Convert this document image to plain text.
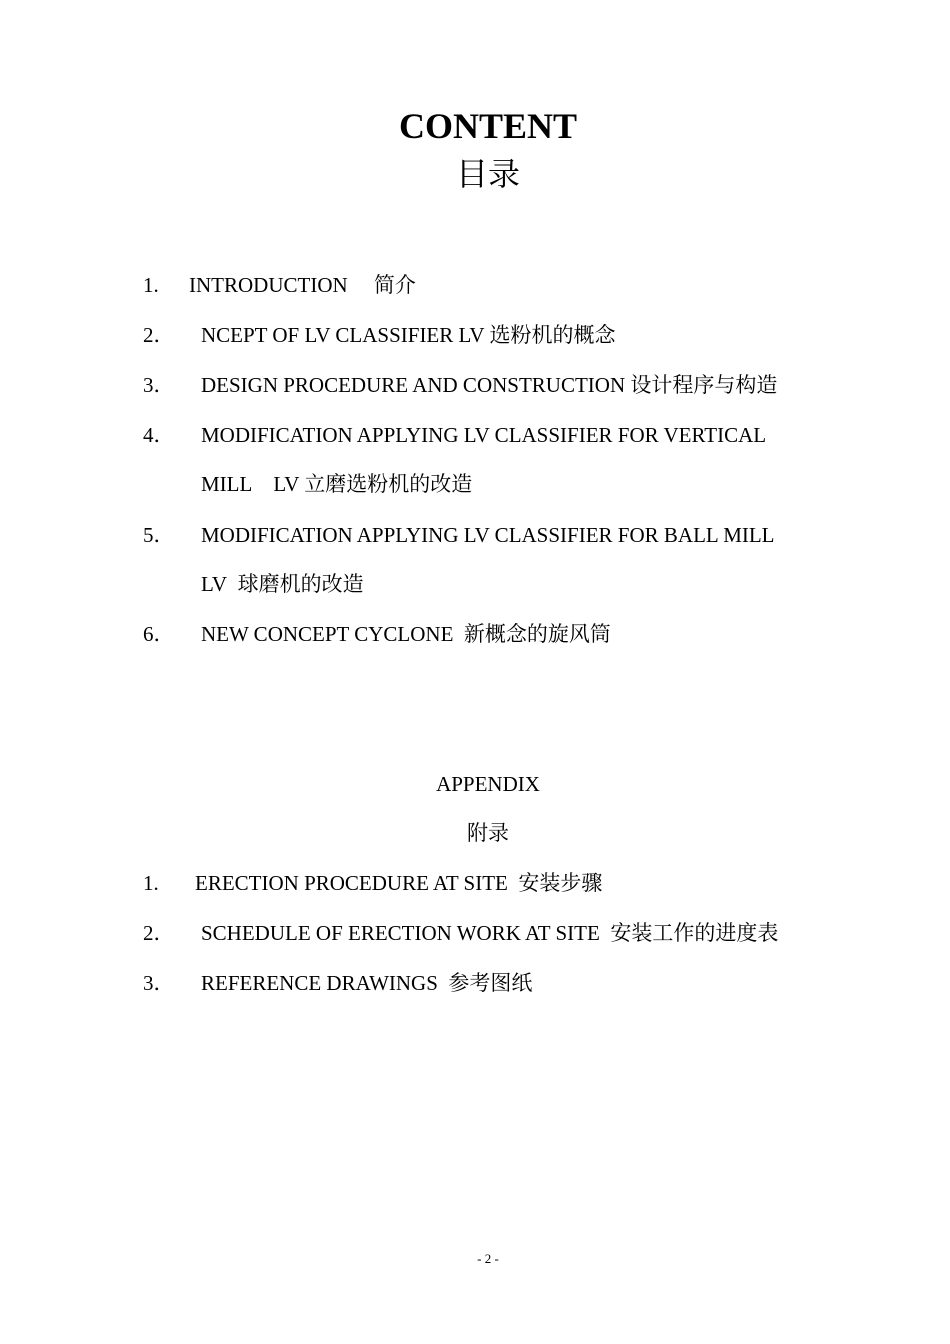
CONTENT
目录
1. INTRODUCTION     简介
2． NCEPT OF LV CLASSIFIER LV 选粉机的概念
3． DESIGN PROCEDURE AND CONSTRUCTION 设计程序与构造
4． MODIFICATION APPLYING LV CLASSIFIER FOR VERTICAL
MILL    LV 立磨选粉机的改造
5． MODIFICATION APPLYING LV CLASSIFIER FOR BALL MILL
LV  球磨机的改造
6． NEW CONCEPT CYCLONE  新概念的旋风筒
APPENDIX
附录
1. ERECTION PROCEDURE AT SITE  安装步骤
2． SCHEDULE OF ERECTION WORK AT SITE  安装工作的进度表
3． REFERENCE DRAWINGS  参考图纸
- 2 -
